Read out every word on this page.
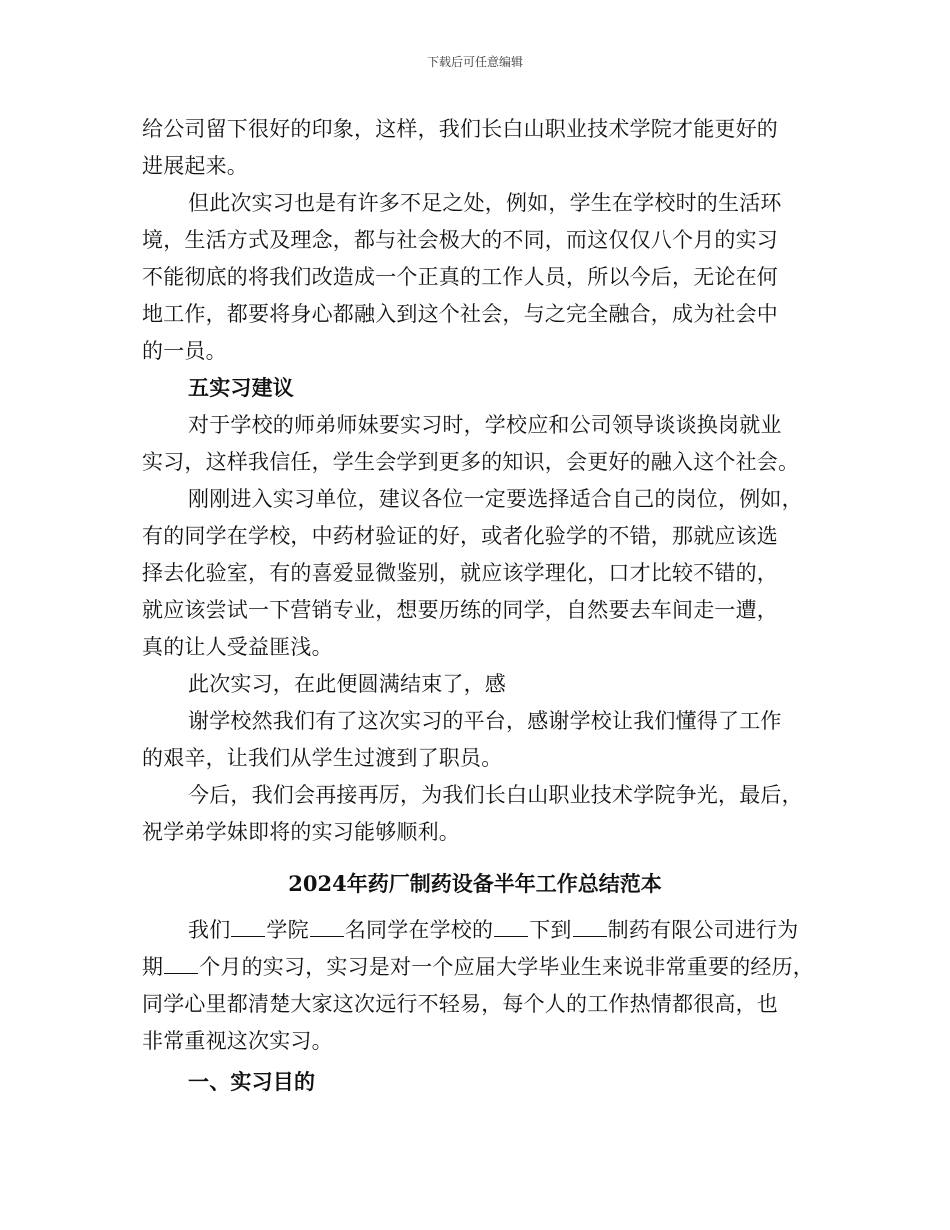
下载后可任意编辑
给公司留下很好的印象，这样，我们长白山职业技术学院才能更好的
进展起来。
但此次实习也是有许多不足之处，例如，学生在学校时的生活环
境，生活方式及理念，都与社会极大的不同，而这仅仅八个月的实习
不能彻底的将我们改造成一个正真的工作人员，所以今后，无论在何
地工作，都要将身心都融入到这个社会，与之完全融合，成为社会中
的一员。
五实习建议
对于学校的师弟师妹要实习时，学校应和公司领导谈谈换岗就业
实习，这样我信任，学生会学到更多的知识，会更好的融入这个社会。
刚刚进入实习单位，建议各位一定要选择适合自己的岗位，例如，
有的同学在学校，中药材验证的好，或者化验学的不错，那就应该选
择去化验室，有的喜爱显微鉴别，就应该学理化，口才比较不错的，
就应该尝试一下营销专业，想要历练的同学，自然要去车间走一遭，
真的让人受益匪浅。
此次实习，在此便圆满结束了，感
谢学校然我们有了这次实习的平台，感谢学校让我们懂得了工作
的艰辛，让我们从学生过渡到了职员。
今后，我们会再接再厉，为我们长白山职业技术学院争光，最后，
祝学弟学妹即将的实习能够顺利。
2024年药厂制药设备半年工作总结范本
我们 学院 名同学在学校的 下到 制药有限公司进行为
期 个月的实习，实习是对一个应届大学毕业生来说非常重要的经历，
同学心里都清楚大家这次远行不轻易，每个人的工作热情都很高，也
非常重视这次实习。
一、实习目的
